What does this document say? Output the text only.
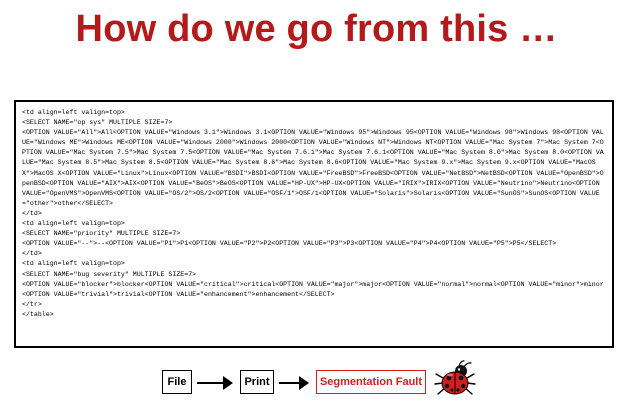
How do we go from this …
<td align=left valign=top>
<SELECT NAME="op sys" MULTIPLE SIZE=7>
<OPTION VALUE="All">All<OPTION VALUE="Windows 3.1">Windows 3.1<OPTION VALUE="Windows 95">Windows 95<OPTION VALUE="Windows 98">Windows 98<OPTION VALUE="Windows ME">Windows ME<OPTION VALUE="Windows 2000">Windows 2000<OPTION VALUE="Windows NT">Windows NT<OPTION VALUE="Mac System 7">Mac System 7<OPTION VALUE="Mac System 7.5">Mac System 7.5<OPTION VALUE="Mac System 7.6.1">Mac System 7.6.1<OPTION VALUE="Mac System 8.0">Mac System 8.0<OPTION VALUE="Mac System 8.5">Mac System 8.5<OPTION VALUE="Mac System 8.6">Mac System 8.6<OPTION VALUE="Mac System 9.x">Mac System 9.x<OPTION VALUE="MacOS X">MacOS X<OPTION VALUE="Linux">Linux<OPTION VALUE="BSDI">BSDI<OPTION VALUE="FreeBSD">FreeBSD<OPTION VALUE="NetBSD">NetBSD<OPTION VALUE="OpenBSD">OpenBSD<OPTION VALUE="AIX">AIX<OPTION VALUE="BeOS">BeOS<OPTION VALUE="HP-UX">HP-UX<OPTION VALUE="IRIX">IRIX<OPTION VALUE="Neutrino">Neutrino<OPTION VALUE="OpenVMS">OpenVMS<OPTION VALUE="OS/2">OS/2<OPTION VALUE="OSF/1">OSF/1<OPTION VALUE="Solaris">Solaris<OPTION VALUE="SunOS">SunOS<OPTION VALUE="other">other</SELECT>
</td>
<td align=left valign=top>
<SELECT NAME="priority" MULTIPLE SIZE=7>
<OPTION VALUE="--">--<OPTION VALUE="P1">P1<OPTION VALUE="P2">P2<OPTION VALUE="P3">P3<OPTION VALUE="P4">P4<OPTION VALUE="P5">P5</SELECT>
</td>
<td align=left valign=top>
<SELECT NAME="bug severity" MULTIPLE SIZE=7>
<OPTION VALUE="blocker">blocker<OPTION VALUE="critical">critical<OPTION VALUE="major">major<OPTION VALUE="normal">normal<OPTION VALUE="minor">minor<OPTION VALUE="trivial">trivial<OPTION VALUE="enhancement">enhancement</SELECT>
</tr>
</table>
File	Print	Segmentation Fault
